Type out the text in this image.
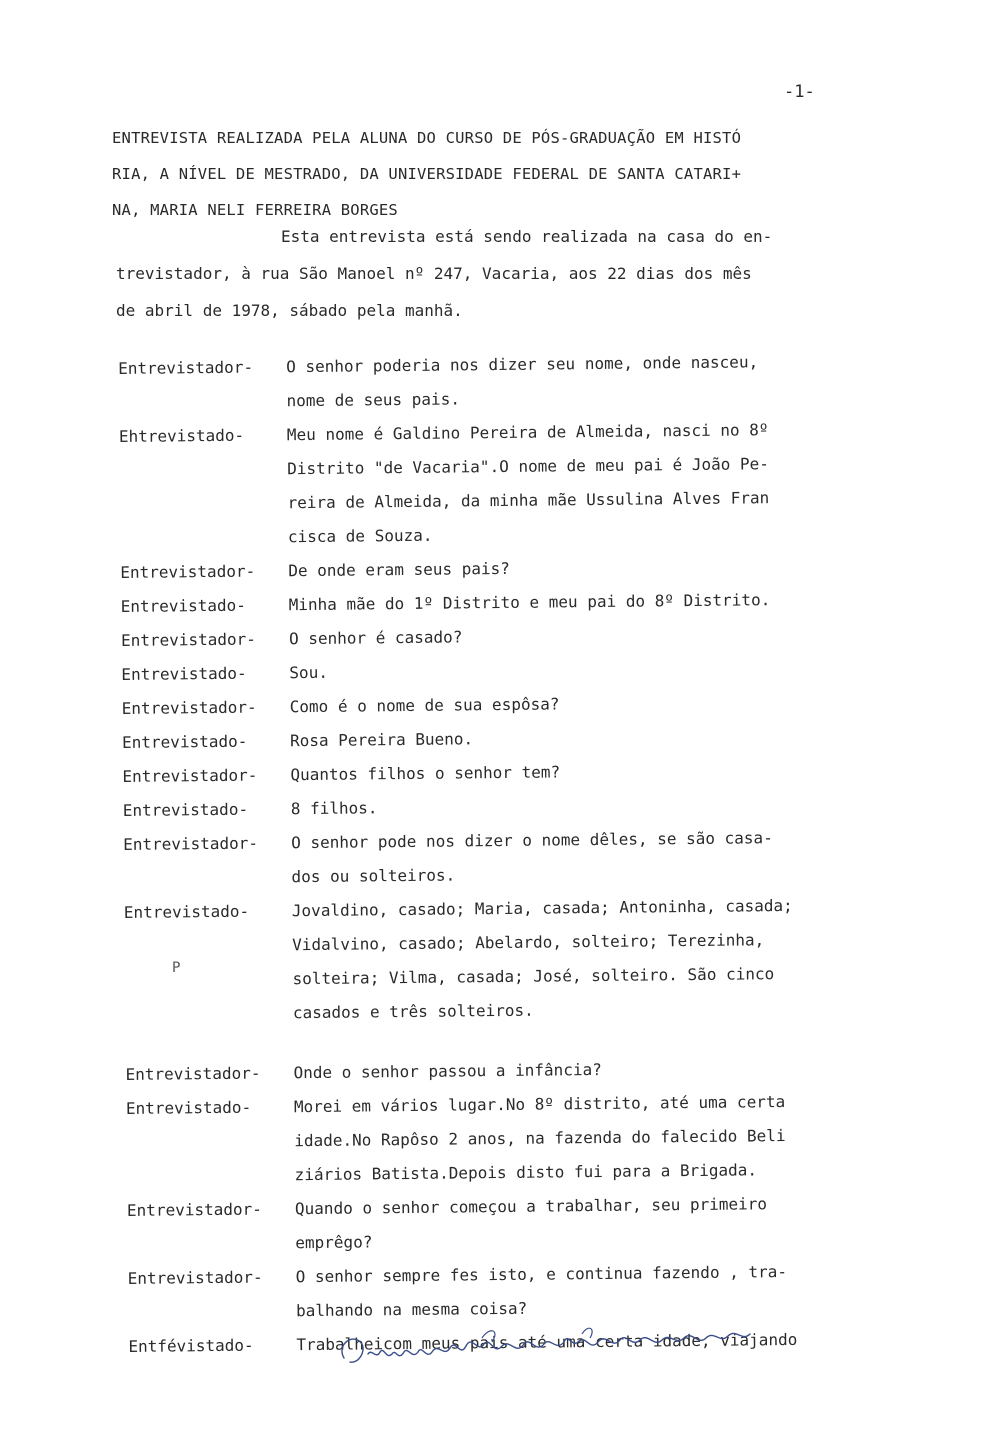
-1-
ENTREVISTA REALIZADA PELA ALUNA DO CURSO DE PÓS-GRADUAÇÃO EM HISTÓ
RIA, A NÍVEL DE MESTRADO, DA UNIVERSIDADE FEDERAL DE SANTA CATARI+
NA, MARIA NELI FERREIRA BORGES
Esta entrevista está sendo realizada na casa do en-
trevistador, à rua São Manoel nº 247, Vacaria, aos 22 dias dos mês
de abril de 1978, sábado pela manhã.
Entrevistador-	O senhor poderia nos dizer seu nome, onde nasceu,
nome de seus pais.
Ehtrevistado-	Meu nome é Galdino Pereira de Almeida, nasci no 8º
Distrito "de Vacaria".O nome de meu pai é João Pe-
reira de Almeida, da minha mãe Ussulina Alves Fran
cisca de Souza.
Entrevistador-	De onde eram seus pais?
Entrevistado-	Minha mãe do 1º Distrito e meu pai do 8º Distrito.
Entrevistador-	O senhor é casado?
Entrevistado-	Sou.
Entrevistador-	Como é o nome de sua espôsa?
Entrevistado-	Rosa Pereira Bueno.
Entrevistador-	Quantos filhos o senhor tem?
Entrevistado-	8 filhos.
Entrevistador-	O senhor pode nos dizer o nome dêles, se são casa-
dos ou solteiros.
Entrevistado-	Jovaldino, casado; Maria, casada; Antoninha, casada;
Vidalvino, casado; Abelardo, solteiro; Terezinha,
solteira; Vilma, casada; José, solteiro. São cinco
casados e três solteiros.
Entrevistador-	Onde o senhor passou a infância?
Entrevistado-	Morei em vários lugar.No 8º distrito, até uma certa
idade.No Rapôso 2 anos, na fazenda do falecido Beli
ziários Batista.Depois disto fui para a Brigada.
Entrevistador-	Quando o senhor começou a trabalhar, seu primeiro
emprêgo?
Entrevistador-	O senhor sempre fes isto, e continua fazendo , tra-
balhando na mesma coisa?
Entfévistado-	Trabalheicom meus pais até uma certa idade, viajando
P
